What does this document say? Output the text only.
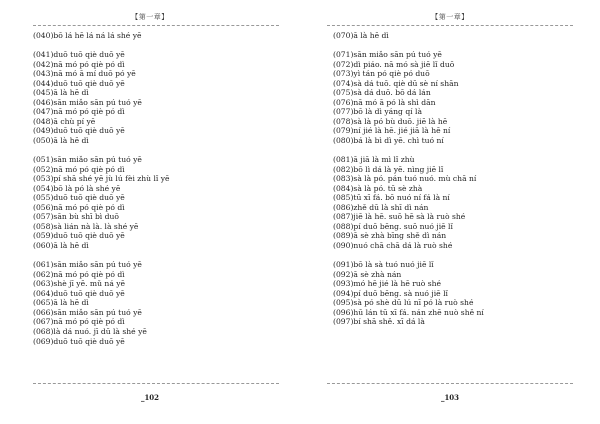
【第一章】
(040)bō lá hē lá ná lá shé yē
(041)duō tuō qiè duō yē
(042)nā mó pó qiè pó dì
(043)nā mó ā mí duō pó yē
(044)duō tuō qiè duō yē
(045)ā là hē dì
(046)sān miǎo sān pú tuó yē
(047)nā mó pó qiè pó dì
(048)ā chù pí yē
(049)duō tuō qiè duō yē
(050)ā là hē dì
(051)sān miǎo sān pú tuó yē
(052)nā mó pó qiè pó dì
(053)pí shā shé yē jù lú fèi zhù lǐ yē
(054)bō là pó là shé yē
(055)duō tuō qiè duō yē
(056)nā mó pó qiè pó dì
(057)sān bù shī bì duō
(058)sà lián nà là. là shé yē
(059)duō tuō qiè duō yē
(060)ā là hē dì
(061)sān miǎo sān pú tuó yē
(062)nā mó pó qiè pó dì
(063)shè jī yē. mǔ ná yē
(064)duō tuō qiè duō yē
(065)ā là hē dì
(066)sān miǎo sān pú tuó yē
(067)nā mó pó qiè pó dì
(068)là dá nuó. jī dū là shé yē
(069)duō tuō qiè duō yē
_102
【第一章】
(070)ā là hē dì
(071)sān miǎo sān pú tuó yē
(072)dì piáo. nā mó sà jiē lǐ duō
(073)yì tán pó qiè pó duō
(074)sà dá tuō. qiè dū sè ní shān
(075)sà dá duō. bō dá lán
(076)nā mó ā pó là shì dān
(077)bō là dì yáng qí là
(078)sà là pó bù duō. jiē là hē
(079)ní jié là hē. jié jiā là hē ní
(080)bá là bì dì yē. chì tuó ní
(081)ā jiā là mì lǐ zhù
(082)bō lì dá là yē. nìng jiē lǐ
(083)sà là pó. pán tuó nuó. mù chā ní
(084)sà là pó. tū sè zhà
(085)tū xī fá. bō nuó ní fá là ní
(086)zhě dū là shī dì nán
(087)jiē là hē. suō hē sà là ruò shé
(088)pí duō bēng. suō nuó jiē lǐ
(089)ā sè zhà bīng shě dì nán
(090)nuó chā chā dá là ruò shé
(091)bō là sà tuó nuó jiē lǐ
(092)ā sè zhà nán
(093)mó hē jié là hē ruò shé
(094)pí duō bēng. sà nuó jiē lǐ
(095)sà pó shè dū lú nī pó là ruò shé
(096)hū lán tū xī fá. nán zhē nuò shě ní
(097)bí shā shě. xī dá là
_103
